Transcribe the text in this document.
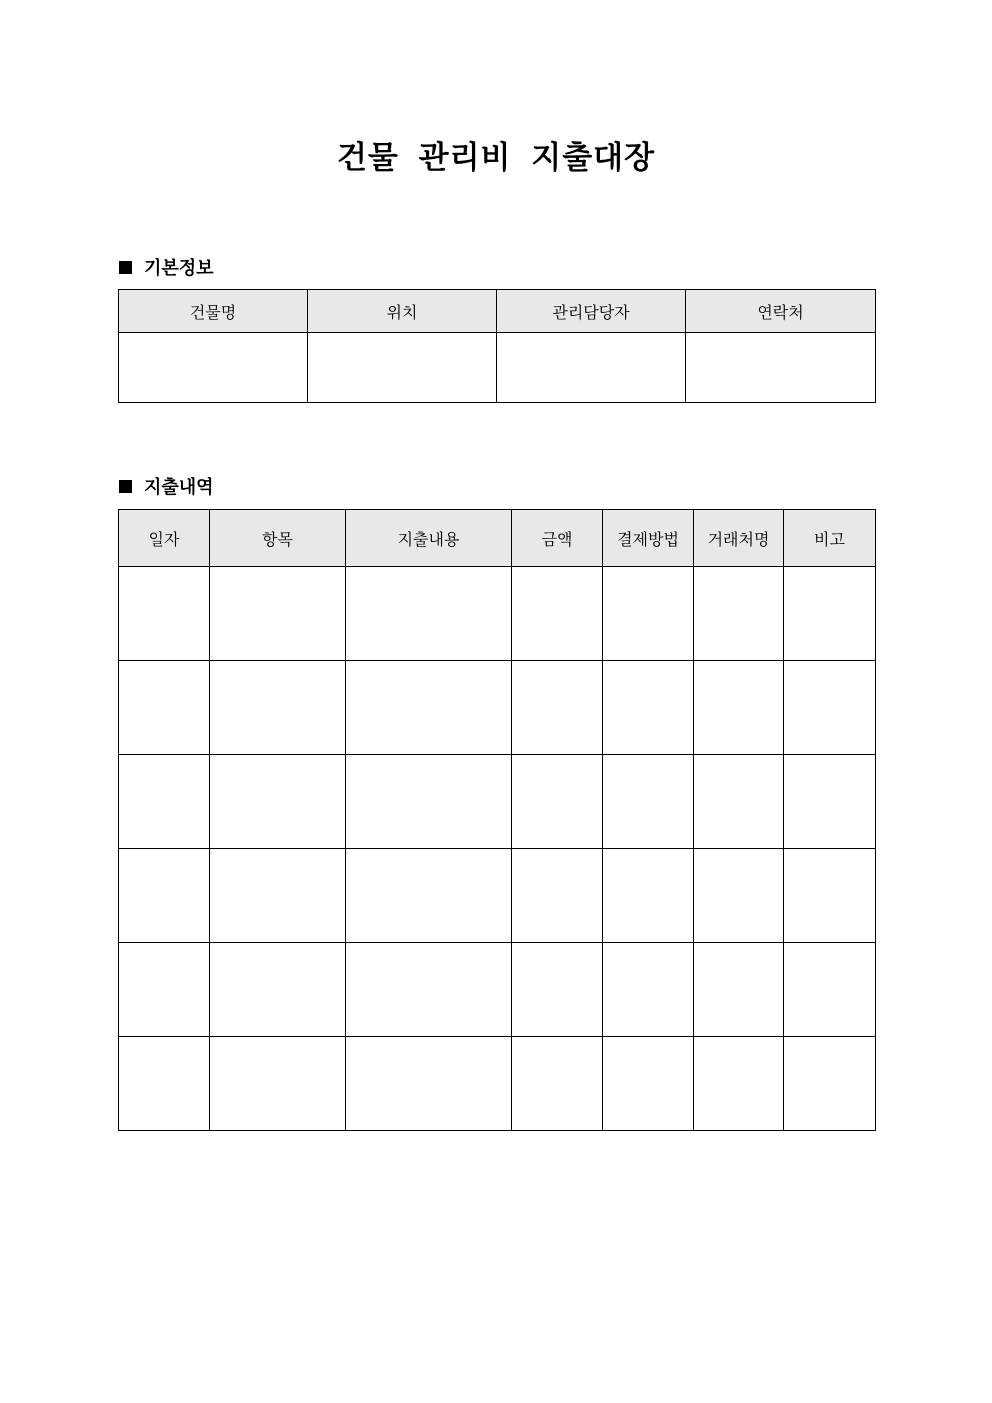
건물 관리비 지출대장
기본정보
건물명	위치	관리담당자	연락처

지출내역
일자	항목	지출내용	금액	결제방법	거래처명	비고
